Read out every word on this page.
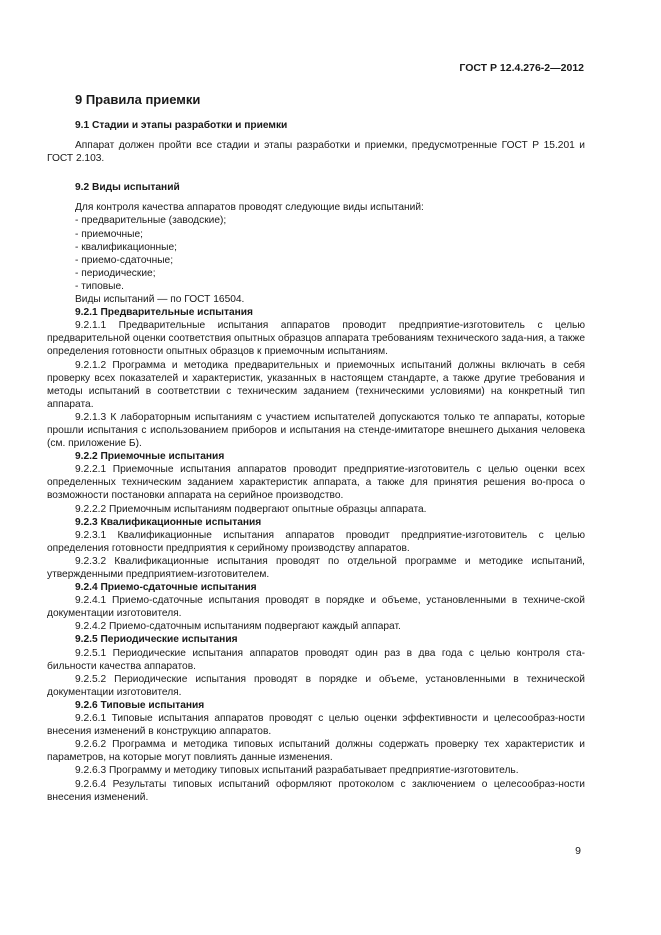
ГОСТ Р 12.4.276-2—2012
9 Правила приемки
9.1 Стадии и этапы разработки и приемки

Аппарат должен пройти все стадии и этапы разработки и приемки, предусмотренные ГОСТ Р 15.201 и ГОСТ 2.103.

9.2 Виды испытаний

Для контроля качества аппаратов проводят следующие виды испытаний:

- предварительные (заводские);
- приемочные;
- квалификационные;
- приемо-сдаточные;
- периодические;
- типовые.

Виды испытаний — по ГОСТ 16504.

9.2.1 Предварительные испытания

9.2.1.1 Предварительные испытания аппаратов проводит предприятие-изготовитель с целью предварительной оценки соответствия опытных образцов аппарата требованиям технического зада-ния, а также определения готовности опытных образцов к приемочным испытаниям.

9.2.1.2 Программа и методика предварительных и приемочных испытаний должны включать в себя проверку всех показателей и характеристик, указанных в настоящем стандарте, а также другие требования и методы испытаний в соответствии с техническим заданием (техническими условиями) на конкретный тип аппарата.

9.2.1.3 К лабораторным испытаниям с участием испытателей допускаются только те аппараты, которые прошли испытания с использованием приборов и испытания на стенде-имитаторе внешнего дыхания человека (см. приложение Б).

9.2.2 Приемочные испытания

9.2.2.1 Приемочные испытания аппаратов проводит предприятие-изготовитель с целью оценки всех определенных техническим заданием характеристик аппарата, а также для принятия решения во-проса о возможности постановки аппарата на серийное производство.

9.2.2.2 Приемочным испытаниям подвергают опытные образцы аппарата.

9.2.3 Квалификационные испытания

9.2.3.1 Квалификационные испытания аппаратов проводит предприятие-изготовитель с целью определения готовности предприятия к серийному производству аппаратов.

9.2.3.2 Квалификационные испытания проводят по отдельной программе и методике испытаний, утвержденными предприятием-изготовителем.

9.2.4 Приемо-сдаточные испытания

9.2.4.1 Приемо-сдаточные испытания проводят в порядке и объеме, установленными в техниче-ской документации изготовителя.

9.2.4.2 Приемо-сдаточным испытаниям подвергают каждый аппарат.

9.2.5 Периодические испытания

9.2.5.1 Периодические испытания аппаратов проводят один раз в два года с целью контроля ста-бильности качества аппаратов.

9.2.5.2 Периодические испытания проводят в порядке и объеме, установленными в технической документации изготовителя.

9.2.6 Типовые испытания

9.2.6.1 Типовые испытания аппаратов проводят с целью оценки эффективности и целесообраз-ности внесения изменений в конструкцию аппаратов.

9.2.6.2 Программа и методика типовых испытаний должны содержать проверку тех характеристик и параметров, на которые могут повлиять данные изменения.

9.2.6.3 Программу и методику типовых испытаний разрабатывает предприятие-изготовитель.

9.2.6.4 Результаты типовых испытаний оформляют протоколом с заключением о целесообраз-ности внесения изменений.

9
